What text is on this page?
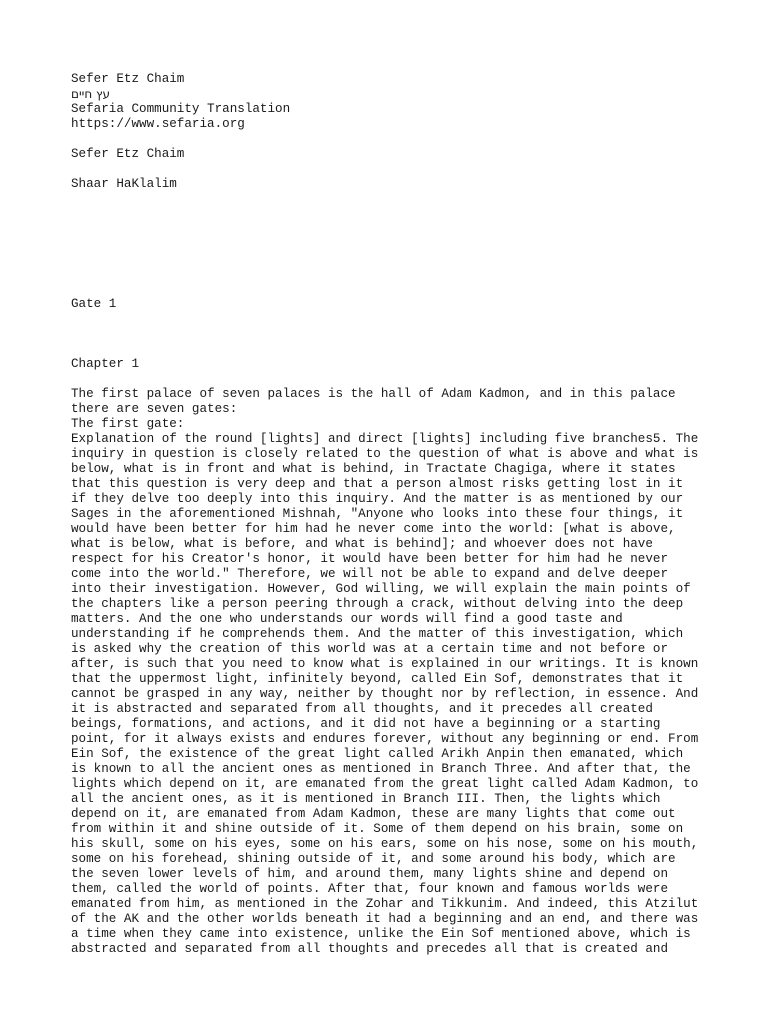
Sefer Etz Chaim
עץ חיים
Sefaria Community Translation
https://www.sefaria.org
Sefer Etz Chaim
Shaar HaKlalim
Gate 1
Chapter 1
The first palace of seven palaces is the hall of Adam Kadmon, and in this palace
there are seven gates:
The first gate:
Explanation of the round [lights] and direct [lights] including five branches5. The
inquiry in question is closely related to the question of what is above and what is
below, what is in front and what is behind, in Tractate Chagiga, where it states
that this question is very deep and that a person almost risks getting lost in it
if they delve too deeply into this inquiry. And the matter is as mentioned by our
Sages in the aforementioned Mishnah, "Anyone who looks into these four things, it
would have been better for him had he never come into the world: [what is above,
what is below, what is before, and what is behind]; and whoever does not have
respect for his Creator's honor, it would have been better for him had he never
come into the world." Therefore, we will not be able to expand and delve deeper
into their investigation. However, God willing, we will explain the main points of
the chapters like a person peering through a crack, without delving into the deep
matters. And the one who understands our words will find a good taste and
understanding if he comprehends them. And the matter of this investigation, which
is asked why the creation of this world was at a certain time and not before or
after, is such that you need to know what is explained in our writings. It is known
that the uppermost light, infinitely beyond, called Ein Sof, demonstrates that it
cannot be grasped in any way, neither by thought nor by reflection, in essence. And
it is abstracted and separated from all thoughts, and it precedes all created
beings, formations, and actions, and it did not have a beginning or a starting
point, for it always exists and endures forever, without any beginning or end. From
Ein Sof, the existence of the great light called Arikh Anpin then emanated, which
is known to all the ancient ones as mentioned in Branch Three. And after that, the
lights which depend on it, are emanated from the great light called Adam Kadmon, to
all the ancient ones, as it is mentioned in Branch III. Then, the lights which
depend on it, are emanated from Adam Kadmon, these are many lights that come out
from within it and shine outside of it. Some of them depend on his brain, some on
his skull, some on his eyes, some on his ears, some on his nose, some on his mouth,
some on his forehead, shining outside of it, and some around his body, which are
the seven lower levels of him, and around them, many lights shine and depend on
them, called the world of points. After that, four known and famous worlds were
emanated from him, as mentioned in the Zohar and Tikkunim. And indeed, this Atzilut
of the AK and the other worlds beneath it had a beginning and an end, and there was
a time when they came into existence, unlike the Ein Sof mentioned above, which is
abstracted and separated from all thoughts and precedes all that is created and
